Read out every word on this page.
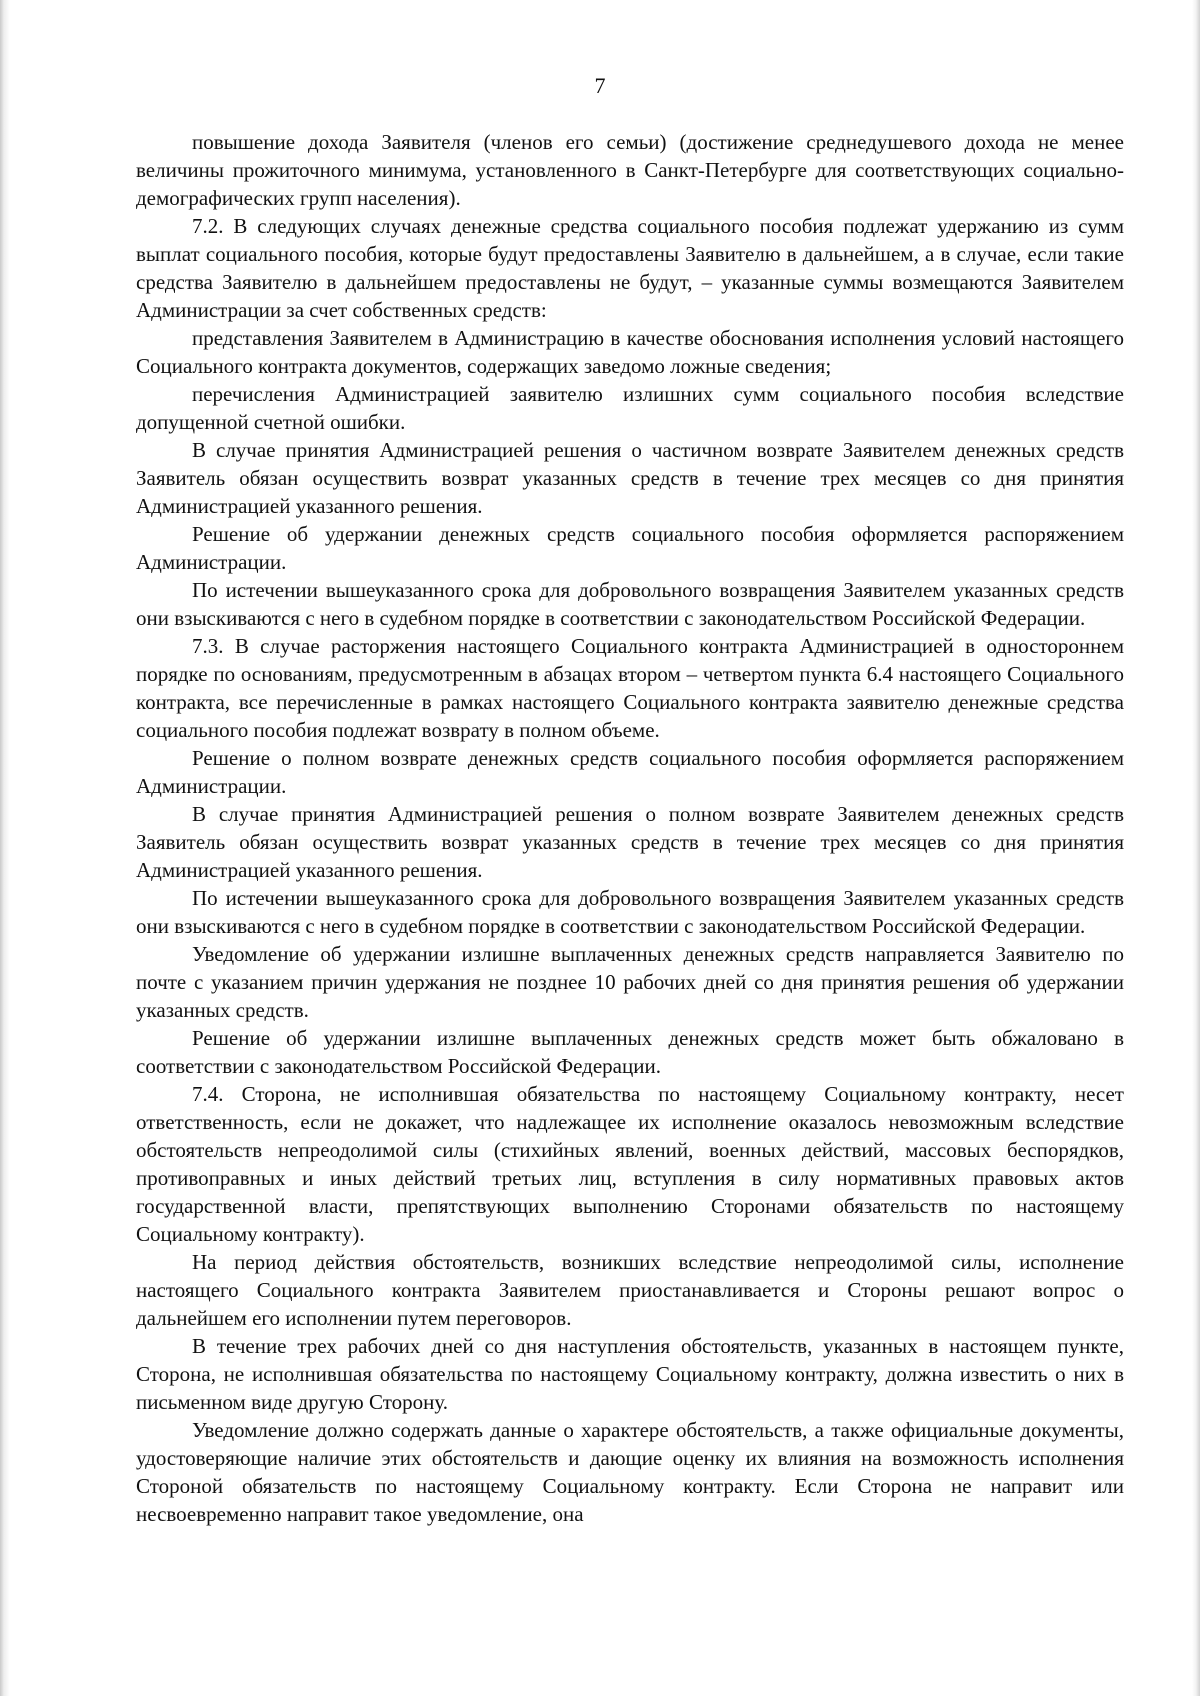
7

повышение дохода Заявителя (членов его семьи) (достижение среднедушевого дохода не менее величины прожиточного минимума, установленного в Санкт-Петербурге для соответствующих социально-демографических групп населения).

7.2. В следующих случаях денежные средства социального пособия подлежат удержанию из сумм выплат социального пособия, которые будут предоставлены Заявителю в дальнейшем, а в случае, если такие средства Заявителю в дальнейшем предоставлены не будут, – указанные суммы возмещаются Заявителем Администрации за счет собственных средств:

представления Заявителем в Администрацию в качестве обоснования исполнения условий настоящего Социального контракта документов, содержащих заведомо ложные сведения;

перечисления Администрацией заявителю излишних сумм социального пособия вследствие допущенной счетной ошибки.

В случае принятия Администрацией решения о частичном возврате Заявителем денежных средств Заявитель обязан осуществить возврат указанных средств в течение трех месяцев со дня принятия Администрацией указанного решения.

Решение об удержании денежных средств социального пособия оформляется распоряжением Администрации.

По истечении вышеуказанного срока для добровольного возвращения Заявителем указанных средств они взыскиваются с него в судебном порядке в соответствии с законодательством Российской Федерации.

7.3. В случае расторжения настоящего Социального контракта Администрацией в одностороннем порядке по основаниям, предусмотренным в абзацах втором – четвертом пункта 6.4 настоящего Социального контракта, все перечисленные в рамках настоящего Социального контракта заявителю денежные средства социального пособия подлежат возврату в полном объеме.

Решение о полном возврате денежных средств социального пособия оформляется распоряжением Администрации.

В случае принятия Администрацией решения о полном возврате Заявителем денежных средств Заявитель обязан осуществить возврат указанных средств в течение трех месяцев со дня принятия Администрацией указанного решения.

По истечении вышеуказанного срока для добровольного возвращения Заявителем указанных средств они взыскиваются с него в судебном порядке в соответствии с законодательством Российской Федерации.

Уведомление об удержании излишне выплаченных денежных средств направляется Заявителю по почте с указанием причин удержания не позднее 10 рабочих дней со дня принятия решения об удержании указанных средств.

Решение об удержании излишне выплаченных денежных средств может быть обжаловано в соответствии с законодательством Российской Федерации.

7.4. Сторона, не исполнившая обязательства по настоящему Социальному контракту, несет ответственность, если не докажет, что надлежащее их исполнение оказалось невозможным вследствие обстоятельств непреодолимой силы (стихийных явлений, военных действий, массовых беспорядков, противоправных и иных действий третьих лиц, вступления в силу нормативных правовых актов государственной власти, препятствующих выполнению Сторонами обязательств по настоящему Социальному контракту).

На период действия обстоятельств, возникших вследствие непреодолимой силы, исполнение настоящего Социального контракта Заявителем приостанавливается и Стороны решают вопрос о дальнейшем его исполнении путем переговоров.

В течение трех рабочих дней со дня наступления обстоятельств, указанных в настоящем пункте, Сторона, не исполнившая обязательства по настоящему Социальному контракту, должна известить о них в письменном виде другую Сторону.

Уведомление должно содержать данные о характере обстоятельств, а также официальные документы, удостоверяющие наличие этих обстоятельств и дающие оценку их влияния на возможность исполнения Стороной обязательств по настоящему Социальному контракту. Если Сторона не направит или несвоевременно направит такое уведомление, она
